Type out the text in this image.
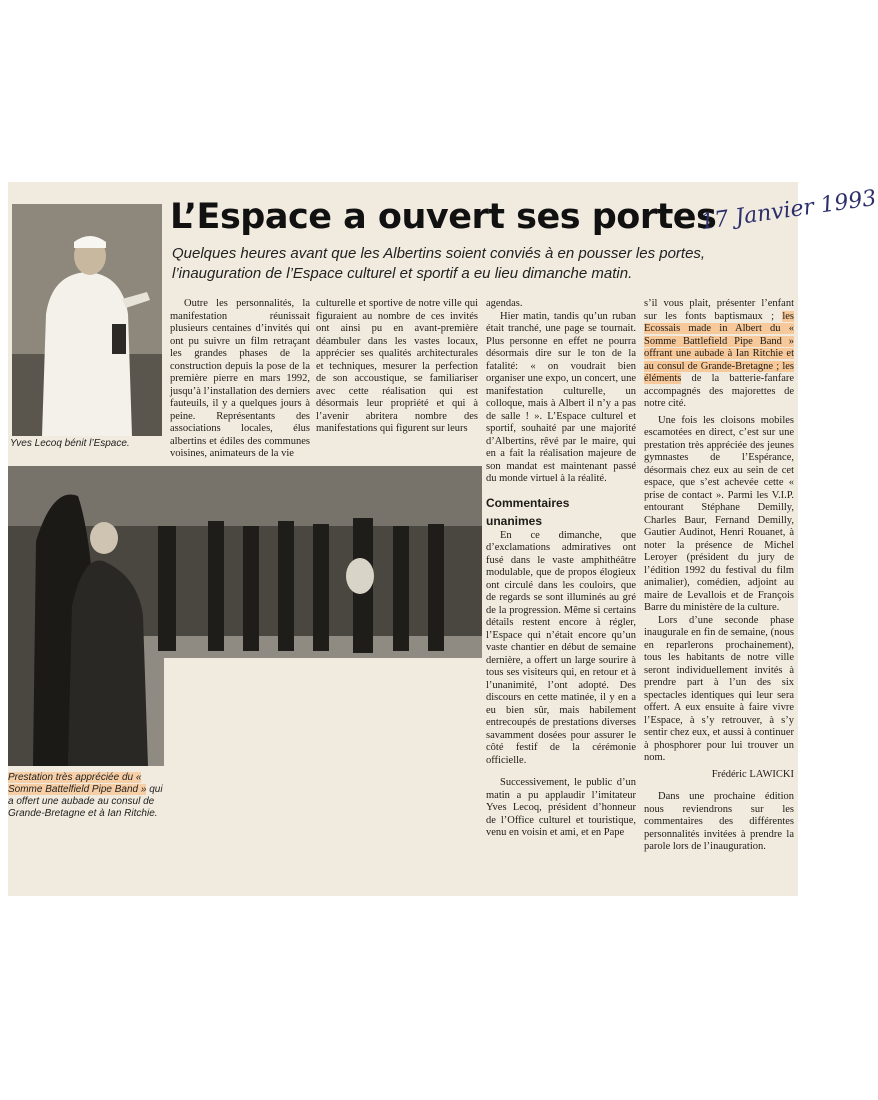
Yves Lecoq bénit l’Espace.
Prestation très appréciée du « Somme Battelfield Pipe Band » qui a offert une aubade au consul de Grande-Bretagne et à Ian Ritchie.
L’Espace a ouvert ses portes
17 Janvier 1993
Quelques heures avant que les Albertins soient conviés à en pousser les portes, l’inauguration de l’Espace culturel et sportif a eu lieu dimanche matin.

Outre les personnalités, la manifestation réunissait plusieurs centaines d’invités qui ont pu suivre un film retraçant les grandes phases de la construction depuis la pose de la première pierre en mars 1992, jusqu’à l’installation des derniers fauteuils, il y a quelques jours à peine. Représentants des associations locales, élus albertins et édiles des communes voisines, animateurs de la vie

culturelle et sportive de notre ville qui figuraient au nombre de ces invités ont ainsi pu en avant-première déambuler dans les vastes locaux, apprécier ses qualités architecturales et techniques, mesurer la perfection de son accoustique, se familiariser avec cette réalisation qui est désormais leur propriété et qui à l’avenir abritera nombre des manifestations qui figurent sur leurs

agendas.

Hier matin, tandis qu’un ruban était tranché, une page se tournait. Plus personne en effet ne pourra désormais dire sur le ton de la fatalité: « on voudrait bien organiser une expo, un concert, une manifestation culturelle, un colloque, mais à Albert il n’y a pas de salle ! ». L’Espace culturel et sportif, souhaité par une majorité d’Albertins, rêvé par le maire, qui en a fait la réalisation majeure de son mandat est maintenant passé du monde virtuel à la réalité.

Commentaires
unanimes

En ce dimanche, que d’exclamations admiratives ont fusé dans le vaste amphithéâtre modulable, que de propos élogieux ont circulé dans les couloirs, que de regards se sont illuminés au gré de la progression. Même si certains détails restent encore à régler, l’Espace qui n’était encore qu’un vaste chantier en début de semaine dernière, a offert un large sourire à tous ses visiteurs qui, en retour et à l’unanimité, l’ont adopté. Des discours en cette matinée, il y en a eu bien sûr, mais habilement entrecoupés de prestations diverses savamment dosées pour assurer le côté festif de la cérémonie officielle.

Successivement, le public d’un matin a pu applaudir l’imitateur Yves Lecoq, président d’honneur de l’Office culturel et touristique, venu en voisin et ami, et en Pape

s’il vous plait, présenter l’enfant sur les fonts baptismaux ; les Ecossais made in Albert du « Somme Battlefield Pipe Band » offrant une aubade à Ian Ritchie et au consul de Grande-Bretagne ; les éléments de la batterie-fanfare accompagnés des majorettes de notre cité.

Une fois les cloisons mobiles escamotées en direct, c’est sur une prestation très appréciée des jeunes gymnastes de l’Espérance, désormais chez eux au sein de cet espace, que s’est achevée cette « prise de contact ». Parmi les V.I.P. entourant Stéphane Demilly, Charles Baur, Fernand Demilly, Gautier Audinot, Henri Rouanet, à noter la présence de Michel Leroyer (président du jury de l’édition 1992 du festival du film animalier), comédien, adjoint au maire de Levallois et de François Barre du ministère de la culture.

Lors d’une seconde phase inaugurale en fin de semaine, (nous en reparlerons prochainement), tous les habitants de notre ville seront individuellement invités à prendre part à l’un des six spectacles identiques qui leur sera offert. A eux ensuite à faire vivre l’Espace, à s’y retrouver, à s’y sentir chez eux, et aussi à continuer à phosphorer pour lui trouver un nom.

Frédéric LAWICKI

Dans une prochaine édition nous reviendrons sur les commentaires des différentes personnalités invitées à prendre la parole lors de l’inauguration.
